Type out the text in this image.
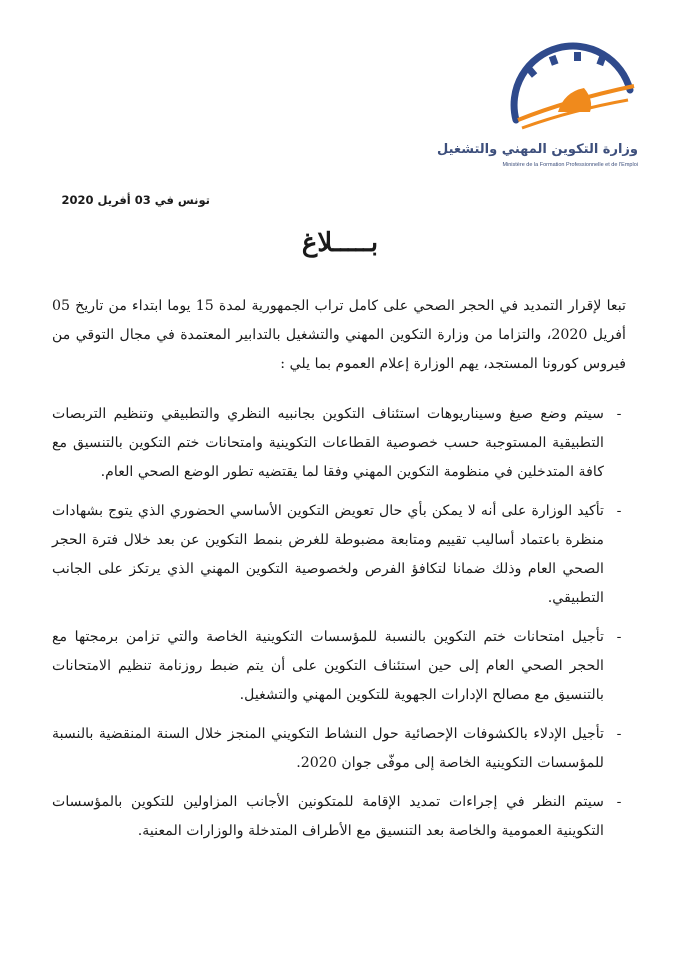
وزارة التكوين المهني والتشغيل
Ministère de la Formation Professionnelle et de l'Emploi
تونس في 03 أفريل 2020
بـــــلاغ
تبعا لإقرار التمديد في الحجر الصحي على كامل تراب الجمهورية لمدة 15 يوما ابتداء من تاريخ 05 أفريل 2020، والتزاما من وزارة التكوين المهني والتشغيل بالتدابير المعتمدة في مجال التوقي من فيروس كورونا المستجد، يهم الوزارة إعلام العموم بما يلي :
-
سيتم وضع صيغ وسيناريوهات استئناف التكوين بجانبيه النظري والتطبيقي وتنظيم التربصات التطبيقية المستوجبة حسب خصوصية القطاعات التكوينية وامتحانات ختم التكوين بالتنسيق مع كافة المتدخلين في منظومة التكوين المهني وفقا لما يقتضيه تطور الوضع الصحي العام.
-
تأكيد الوزارة على أنه لا يمكن بأي حال تعويض التكوين الأساسي الحضوري الذي يتوج بشهادات منظرة باعتماد أساليب تقييم ومتابعة مضبوطة للغرض بنمط التكوين عن بعد خلال فترة الحجر الصحي العام وذلك ضمانا لتكافؤ الفرص ولخصوصية التكوين المهني الذي يرتكز على الجانب التطبيقي.
-
تأجيل امتحانات ختم التكوين بالنسبة للمؤسسات التكوينية الخاصة والتي تزامن برمجتها مع الحجر الصحي العام إلى حين استئناف التكوين على أن يتم ضبط روزنامة تنظيم الامتحانات بالتنسيق مع مصالح الإدارات الجهوية للتكوين المهني والتشغيل.
-
تأجيل الإدلاء بالكشوفات الإحصائية حول النشاط التكويني المنجز خلال السنة المنقضية بالنسبة للمؤسسات التكوينية الخاصة إلى موفّى جوان 2020.
-
سيتم النظر في إجراءات تمديد الإقامة للمتكونين الأجانب المزاولين للتكوين بالمؤسسات التكوينية العمومية والخاصة بعد التنسيق مع الأطراف المتدخلة والوزارات المعنية.
